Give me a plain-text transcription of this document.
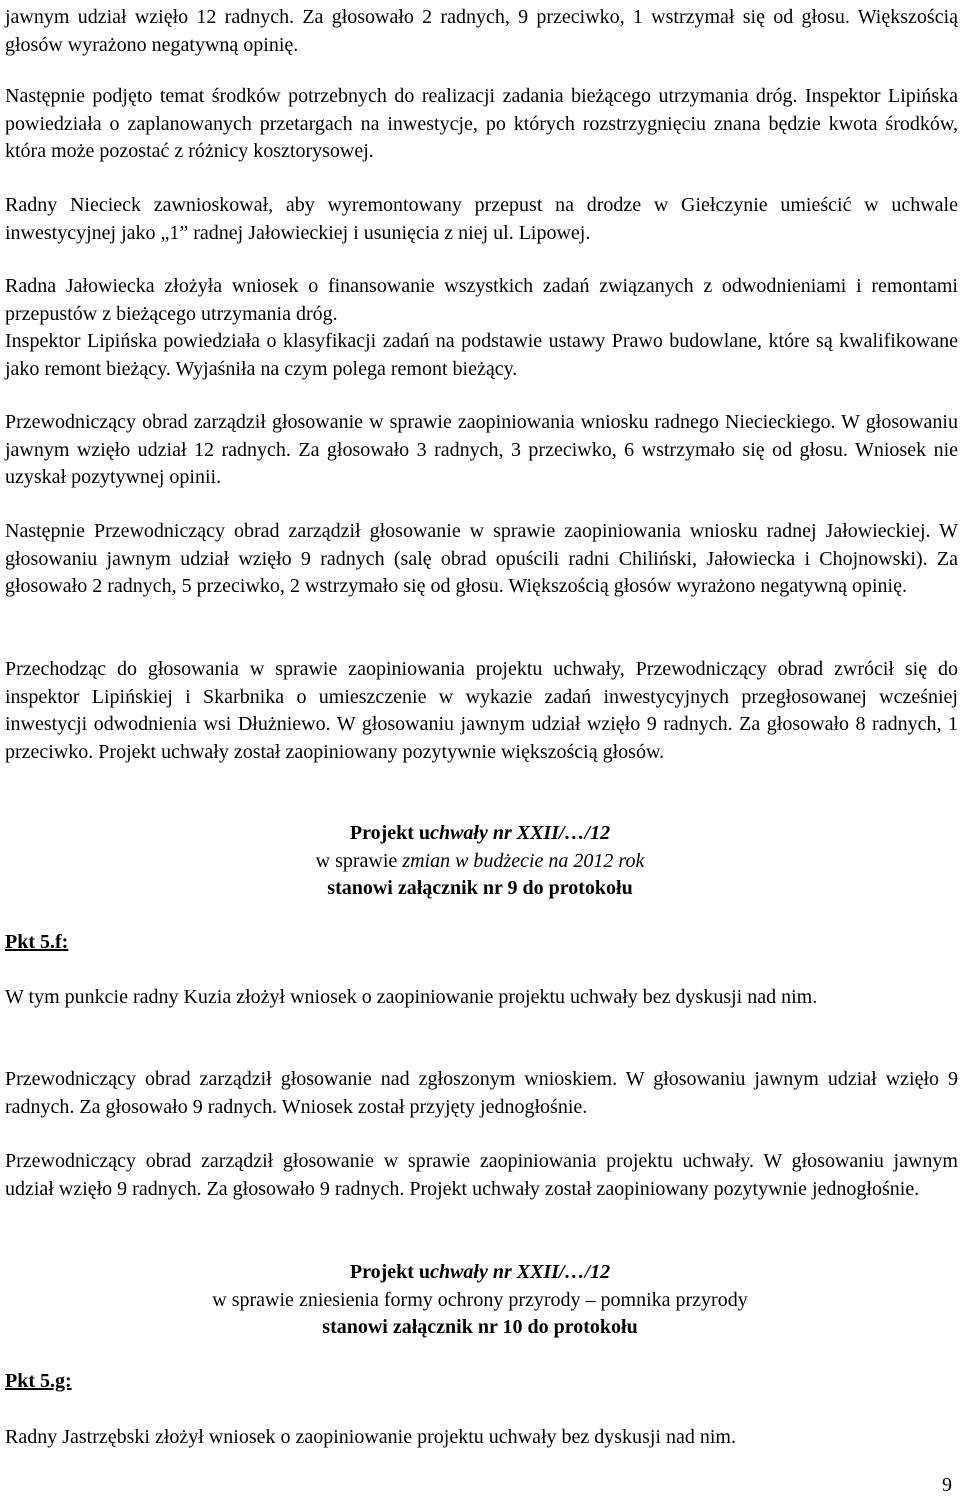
jawnym udział wzięło 12 radnych. Za głosowało 2 radnych, 9 przeciwko, 1 wstrzymał się od głosu. Większością głosów wyrażono negatywną opinię.

Następnie podjęto temat środków potrzebnych do realizacji zadania bieżącego utrzymania dróg. Inspektor Lipińska powiedziała o zaplanowanych przetargach na inwestycje, po których rozstrzygnięciu znana będzie kwota środków, która może pozostać z różnicy kosztorysowej.

Radny Niecieck zawnioskował, aby wyremontowany przepust na drodze w Giełczynie umieścić w uchwale inwestycyjnej jako „1” radnej Jałowieckiej i usunięcia z niej ul. Lipowej.

Radna Jałowiecka złożyła wniosek o finansowanie wszystkich zadań związanych z odwodnieniami i remontami przepustów z bieżącego utrzymania dróg.

Inspektor Lipińska powiedziała o klasyfikacji zadań na podstawie ustawy Prawo budowlane, które są kwalifikowane jako remont bieżący. Wyjaśniła na czym polega remont bieżący.

Przewodniczący obrad zarządził głosowanie w sprawie zaopiniowania wniosku radnego Niecieckiego. W głosowaniu jawnym wzięło udział 12 radnych. Za głosowało 3 radnych, 3 przeciwko, 6 wstrzymało się od głosu. Wniosek nie uzyskał pozytywnej opinii.

Następnie Przewodniczący obrad zarządził głosowanie w sprawie zaopiniowania wniosku radnej Jałowieckiej. W głosowaniu jawnym udział wzięło 9 radnych (salę obrad opuścili radni Chiliński, Jałowiecka i Chojnowski). Za głosowało 2 radnych, 5 przeciwko, 2 wstrzymało się od głosu. Większością głosów wyrażono negatywną opinię.

Przechodząc do głosowania w sprawie zaopiniowania projektu uchwały, Przewodniczący obrad zwrócił się do inspektor Lipińskiej i Skarbnika o umieszczenie w wykazie zadań inwestycyjnych przegłosowanej wcześniej inwestycji odwodnienia wsi Dłużniewo. W głosowaniu jawnym udział wzięło 9 radnych. Za głosowało 8 radnych, 1 przeciwko. Projekt uchwały został zaopiniowany pozytywnie większością głosów.

Projekt uchwały nr XXII/…/12
w sprawie zmian w budżecie na 2012 rok
stanowi załącznik nr 9 do protokołu
Pkt 5.f:

W tym punkcie radny Kuzia złożył wniosek o zaopiniowanie projektu uchwały bez dyskusji nad nim.

Przewodniczący obrad zarządził głosowanie nad zgłoszonym wnioskiem. W głosowaniu jawnym udział wzięło 9 radnych. Za głosowało 9 radnych. Wniosek został przyjęty jednogłośnie.

Przewodniczący obrad zarządził głosowanie w sprawie zaopiniowania projektu uchwały. W głosowaniu jawnym udział wzięło 9 radnych. Za głosowało 9 radnych. Projekt uchwały został zaopiniowany pozytywnie jednogłośnie.

Projekt uchwały nr XXII/…/12
w sprawie zniesienia formy ochrony przyrody – pomnika przyrody
stanowi załącznik nr 10 do protokołu
Pkt 5.g:

Radny Jastrzębski złożył wniosek o zaopiniowanie projektu uchwały bez dyskusji nad nim.

9
